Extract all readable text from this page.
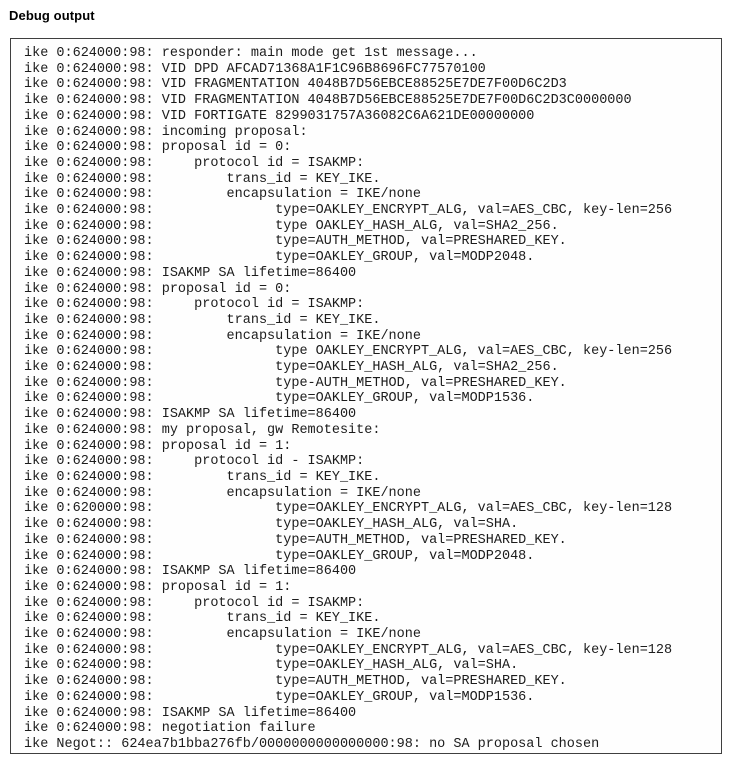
Debug output
ike 0:624000:98: responder: main mode get 1st message...
ike 0:624000:98: VID DPD AFCAD71368A1F1C96B8696FC77570100
ike 0:624000:98: VID FRAGMENTATION 4048B7D56EBCE88525E7DE7F00D6C2D3
ike 0:624000:98: VID FRAGMENTATION 4048B7D56EBCE88525E7DE7F00D6C2D3C0000000
ike 0:624000:98: VID FORTIGATE 8299031757A36082C6A621DE00000000
ike 0:624000:98: incoming proposal:
ike 0:624000:98: proposal id = 0:
ike 0:624000:98:     protocol id = ISAKMP:
ike 0:624000:98:         trans_id = KEY_IKE.
ike 0:624000:98:         encapsulation = IKE/none
ike 0:624000:98:               type=OAKLEY_ENCRYPT_ALG, val=AES_CBC, key-len=256
ike 0:624000:98:               type OAKLEY_HASH_ALG, val=SHA2_256.
ike 0:624000:98:               type=AUTH_METHOD, val=PRESHARED_KEY.
ike 0:624000:98:               type=OAKLEY_GROUP, val=MODP2048.
ike 0:624000:98: ISAKMP SA lifetime=86400
ike 0:624000:98: proposal id = 0:
ike 0:624000:98:     protocol id = ISAKMP:
ike 0:624000:98:         trans_id = KEY_IKE.
ike 0:624000:98:         encapsulation = IKE/none
ike 0:624000:98:               type OAKLEY_ENCRYPT_ALG, val=AES_CBC, key-len=256
ike 0:624000:98:               type=OAKLEY_HASH_ALG, val=SHA2_256.
ike 0:624000:98:               type-AUTH_METHOD, val=PRESHARED_KEY.
ike 0:624000:98:               type=OAKLEY_GROUP, val=MODP1536.
ike 0:624000:98: ISAKMP SA lifetime=86400
ike 0:624000:98: my proposal, gw Remotesite:
ike 0:624000:98: proposal id = 1:
ike 0:624000:98:     protocol id - ISAKMP:
ike 0:624000:98:         trans_id = KEY_IKE.
ike 0:624000:98:         encapsulation = IKE/none
ike 0:620000:98:               type=OAKLEY_ENCRYPT_ALG, val=AES_CBC, key-len=128
ike 0:624000:98:               type=OAKLEY_HASH_ALG, val=SHA.
ike 0:624000:98:               type=AUTH_METHOD, val=PRESHARED_KEY.
ike 0:624000:98:               type=OAKLEY_GROUP, val=MODP2048.
ike 0:624000:98: ISAKMP SA lifetime=86400
ike 0:624000:98: proposal id = 1:
ike 0:624000:98:     protocol id = ISAKMP:
ike 0:624000:98:         trans_id = KEY_IKE.
ike 0:624000:98:         encapsulation = IKE/none
ike 0:624000:98:               type=OAKLEY_ENCRYPT_ALG, val=AES_CBC, key-len=128
ike 0:624000:98:               type=OAKLEY_HASH_ALG, val=SHA.
ike 0:624000:98:               type=AUTH_METHOD, val=PRESHARED_KEY.
ike 0:624000:98:               type=OAKLEY_GROUP, val=MODP1536.
ike 0:624000:98: ISAKMP SA lifetime=86400
ike 0:624000:98: negotiation failure
ike Negot:: 624ea7b1bba276fb/0000000000000000:98: no SA proposal chosen
